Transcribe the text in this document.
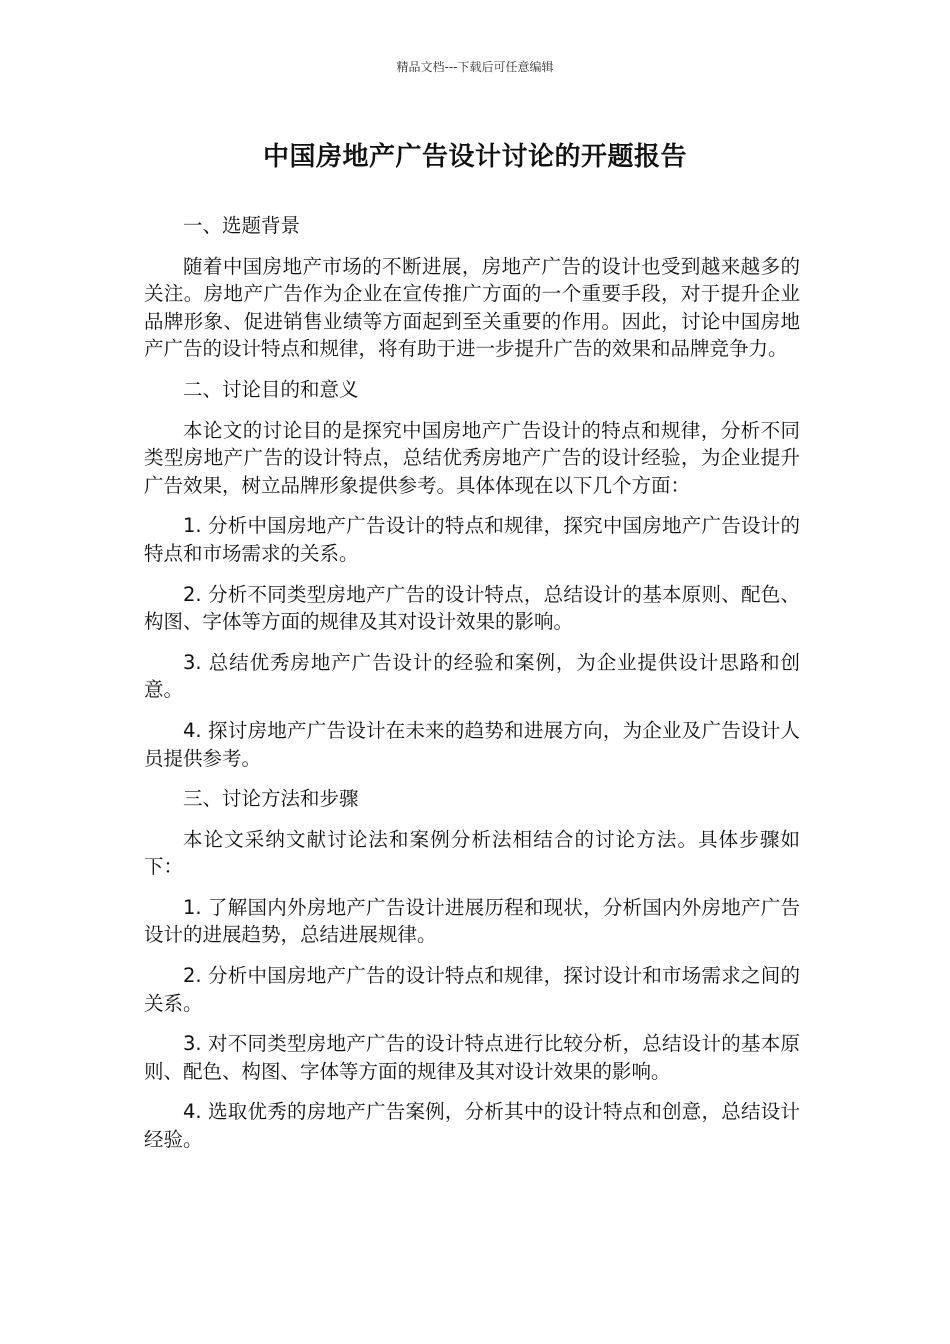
精品文档---下载后可任意编辑
中国房地产广告设计讨论的开题报告

一、选题背景

随着中国房地产市场的不断进展，房地产广告的设计也受到越来越多的关注。房地产广告作为企业在宣传推广方面的一个重要手段，对于提升企业品牌形象、促进销售业绩等方面起到至关重要的作用。因此，讨论中国房地产广告的设计特点和规律，将有助于进一步提升广告的效果和品牌竞争力。

二、讨论目的和意义

本论文的讨论目的是探究中国房地产广告设计的特点和规律，分析不同类型房地产广告的设计特点，总结优秀房地产广告的设计经验，为企业提升广告效果，树立品牌形象提供参考。具体体现在以下几个方面：

1. 分析中国房地产广告设计的特点和规律，探究中国房地产广告设计的特点和市场需求的关系。

2. 分析不同类型房地产广告的设计特点，总结设计的基本原则、配色、构图、字体等方面的规律及其对设计效果的影响。

3. 总结优秀房地产广告设计的经验和案例，为企业提供设计思路和创意。

4. 探讨房地产广告设计在未来的趋势和进展方向，为企业及广告设计人员提供参考。

三、讨论方法和步骤

本论文采纳文献讨论法和案例分析法相结合的讨论方法。具体步骤如下：

1. 了解国内外房地产广告设计进展历程和现状，分析国内外房地产广告设计的进展趋势，总结进展规律。

2. 分析中国房地产广告的设计特点和规律，探讨设计和市场需求之间的关系。

3. 对不同类型房地产广告的设计特点进行比较分析，总结设计的基本原则、配色、构图、字体等方面的规律及其对设计效果的影响。

4. 选取优秀的房地产广告案例，分析其中的设计特点和创意，总结设计经验。
